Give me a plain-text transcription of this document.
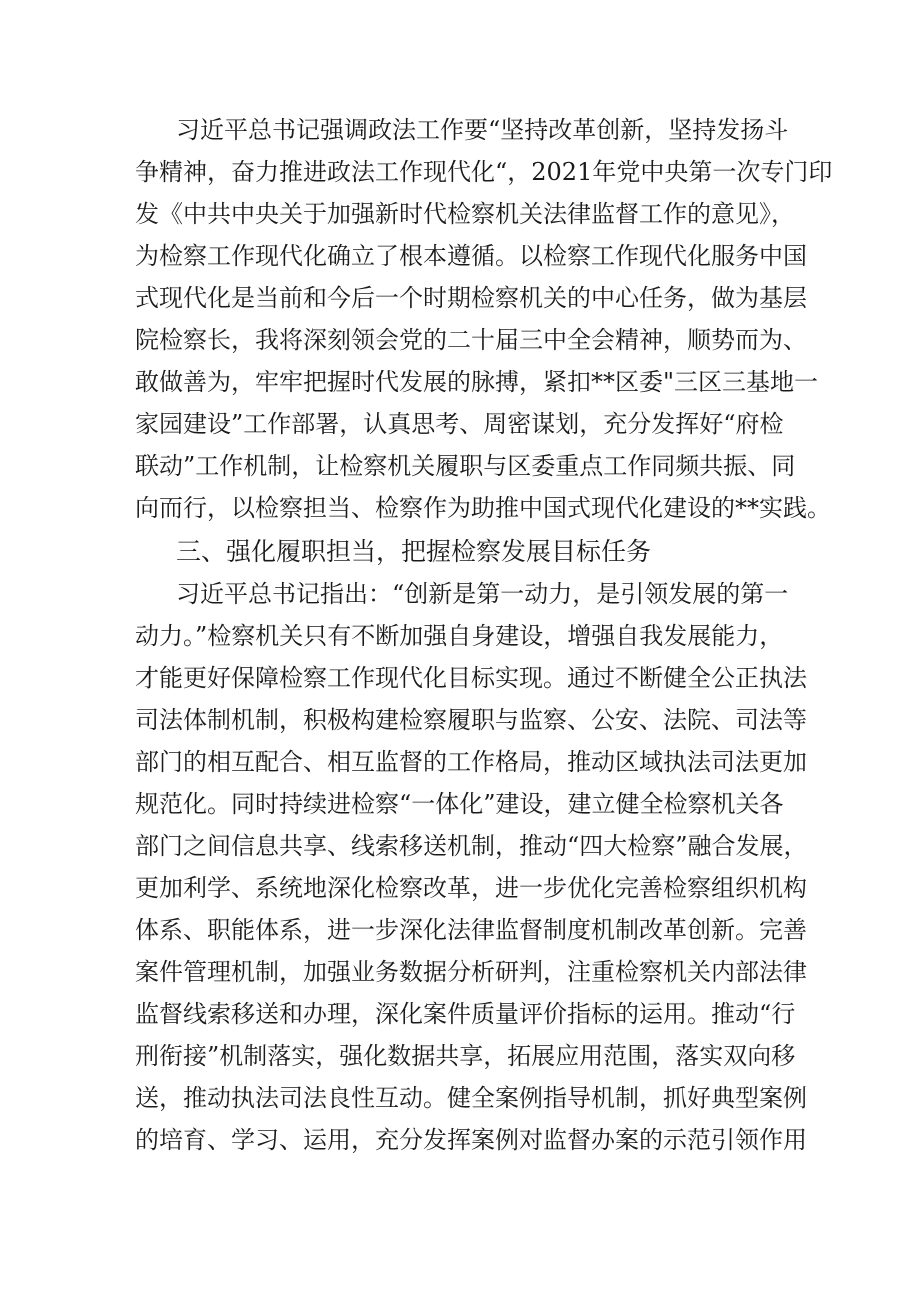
习近平总书记强调政法工作要“坚持改革创新，坚持发扬斗
争精神，奋力推进政法工作现代化“，2021年党中央第一次专门印
发《中共中央关于加强新时代检察机关法律监督工作的意见》，
为检察工作现代化确立了根本遵循。以检察工作现代化服务中国
式现代化是当前和今后一个时期检察机关的中心任务，做为基层
院检察长，我将深刻领会党的二十届三中全会精神，顺势而为、
敢做善为，牢牢把握时代发展的脉搏，紧扣**区委"三区三基地一
家园建设”工作部署，认真思考、周密谋划，充分发挥好“府检
联动”工作机制，让检察机关履职与区委重点工作同频共振、同
向而行，以检察担当、检察作为助推中国式现代化建设的**实践。
三、强化履职担当，把握检察发展目标任务
习近平总书记指出：“创新是第一动力，是引领发展的第一
动力。”检察机关只有不断加强自身建设，增强自我发展能力，
才能更好保障检察工作现代化目标实现。通过不断健全公正执法
司法体制机制，积极构建检察履职与监察、公安、法院、司法等
部门的相互配合、相互监督的工作格局，推动区域执法司法更加
规范化。同时持续进检察“一体化”建设，建立健全检察机关各
部门之间信息共享、线索移送机制，推动“四大检察”融合发展，
更加利学、系统地深化检察改革，进一步优化完善检察组织机构
体系、职能体系，进一步深化法律监督制度机制改革创新。完善
案件管理机制，加强业务数据分析研判，注重检察机关内部法律
监督线索移送和办理，深化案件质量评价指标的运用。推动“行
刑衔接”机制落实，强化数据共享，拓展应用范围，落实双向移
送，推动执法司法良性互动。健全案例指导机制，抓好典型案例
的培育、学习、运用，充分发挥案例对监督办案的示范引领作用
